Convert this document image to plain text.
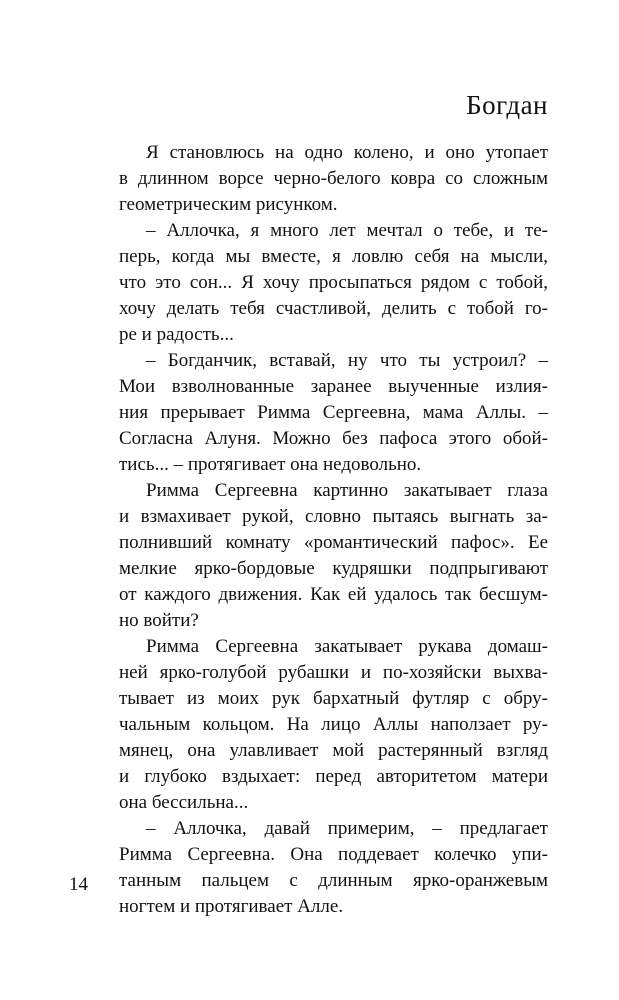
Богдан
Я становлюсь на одно колено, и оно утопает
в длинном ворсе черно-белого ковра со сложным
геометрическим рисунком.
– Аллочка, я много лет мечтал о тебе, и те-
перь, когда мы вместе, я ловлю себя на мысли,
что это сон... Я хочу просыпаться рядом с тобой,
хочу делать тебя счастливой, делить с тобой го-
ре и радость...
– Богданчик, вставай, ну что ты устроил? –
Мои взволнованные заранее выученные излия-
ния прерывает Римма Сергеевна, мама Аллы. –
Согласна Алуня. Можно без пафоса этого обой-
тись... – протягивает она недовольно.
Римма Сергеевна картинно закатывает глаза
и взмахивает рукой, словно пытаясь выгнать за-
полнивший комнату «романтический пафос». Ее
мелкие ярко-бордовые кудряшки подпрыгивают
от каждого движения. Как ей удалось так бесшум-
но войти?
Римма Сергеевна закатывает рукава домаш-
ней ярко-голубой рубашки и по-хозяйски выхва-
тывает из моих рук бархатный футляр с обру-
чальным кольцом. На лицо Аллы наползает ру-
мянец, она улавливает мой растерянный взгляд
и глубоко вздыхает: перед авторитетом матери
она бессильна...
– Аллочка, давай примерим, – предлагает
Римма Сергеевна. Она поддевает колечко упи-
танным пальцем с длинным ярко-оранжевым
ногтем и протягивает Алле.
14
